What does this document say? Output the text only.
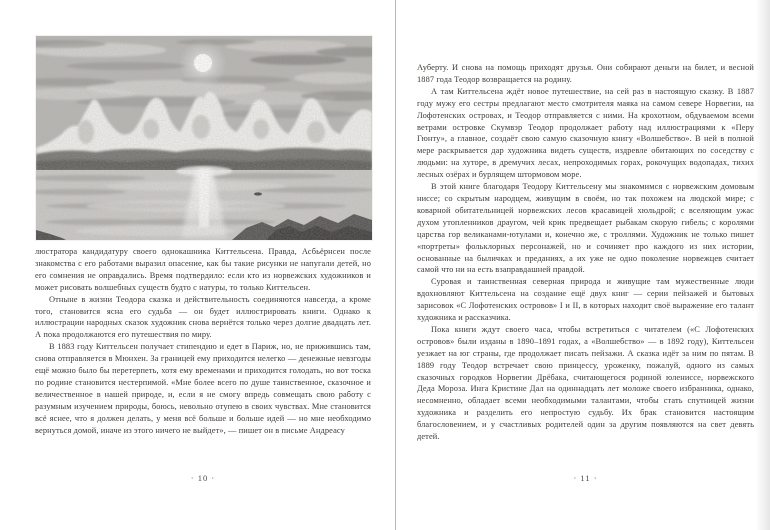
люстратора кандидатуру своего однокашника Киттельсена. Правда, Асбьёрнсен после знакомства с его работами выразил опасение, как бы такие рисунки не напугали детей, но его сомнения не оправдались. Время подтвердило: если кто из норвежских художников и может рисовать волшебных существ будто с натуры, то только Киттельсен.

Отныне в жизни Теодора сказка и действительность соединяются навсегда, а кроме того, становится ясна его судьба — он будет иллюстрировать книги. Однако к иллюстрации народных сказок художник снова вернётся только через долгие двадцать лет. А пока продолжаются его путешествия по миру.

В 1883 году Киттельсен получает стипендию и едет в Париж, но, не прижившись там, снова отправляется в Мюнхен. За границей ему приходится нелегко — денежные невзгоды ещё можно было бы перетерпеть, хотя ему временами и приходится голодать, но вот тоска по родине становится нестерпимой. «Мне более всего по душе таинственное, сказочное и величественное в нашей природе, и, если я не смогу впредь совмещать свою работу с разумным изучением природы, боюсь, невольно отупею в своих чувствах. Мне становится всё яснее, что я должен делать, у меня всё больше и больше идей — но мне необходимо вернуться домой, иначе из этого ничего не выйдет», — пишет он в письме Андреасу

· 10 ·

Ауберту. И снова на помощь приходят друзья. Они собирают деньги на билет, и весной 1887 года Теодор возвращается на родину.

А там Киттельсена ждёт новое путешествие, на сей раз в настоящую сказку. В 1887 году мужу его сестры предлагают место смотрителя маяка на самом севере Норвегии, на Лофотенских островах, и Теодор отправляется с ними. На крохотном, обдуваемом всеми ветрами островке Скумвэр Теодор продолжает работу над иллюстрациями к «Перу Гюнту», а главное, создаёт свою самую сказочную книгу «Волшебство». В ней в полной мере раскрывается дар художника видеть существ, издревле обитающих по соседству с людьми: на хуторе, в дремучих лесах, непроходимых горах, рокочущих водопадах, тихих лесных озёрах и бурлящем штормовом море.

В этой книге благодаря Теодору Киттельсену мы знакомимся с норвежским домовым ниссе; со скрытым народцем, живущим в своём, но так похожем на людской мире; с коварной обитательницей норвежских лесов красавицей хюльдрой; с вселяющим ужас духом утопленников драугом, чей крик предвещает рыбакам скорую гибель; с королями царства гор великанами-ютулами и, конечно же, с троллями. Художник не только пишет «портреты» фольклорных персонажей, но и сочиняет про каждого из них истории, основанные на быличках и преданиях, а их уже не одно поколение норвежцев считает самой что ни на есть взаправдашней правдой.

Суровая и таинственная северная природа и живущие там мужественные люди вдохновляют Киттельсена на создание ещё двух книг — серии пейзажей и бытовых зарисовок «С Лофотенских островов» I и II, в которых находит своё выражение его талант художника и рассказчика.

Пока книги ждут своего часа, чтобы встретиться с читателем («С Лофотенских островов» были изданы в 1890–1891 годах, а «Волшебство» — в 1892 году), Киттельсен уезжает на юг страны, где продолжает писать пейзажи. А сказка идёт за ним по пятам. В 1889 году Теодор встречает свою принцессу, уроженку, пожалуй, одного из самых сказочных городков Норвегии Дрёбака, считающегося родиной юлениссе, норвежского Деда Мороза. Инга Кристине Дал на одиннадцать лет моложе своего избранника, однако, несомненно, обладает всеми необходимыми талантами, чтобы стать спутницей жизни художника и разделить его непростую судьбу. Их брак становится настоящим благословением, и у счастливых родителей один за другим появляются на свет девять детей.

· 11 ·
